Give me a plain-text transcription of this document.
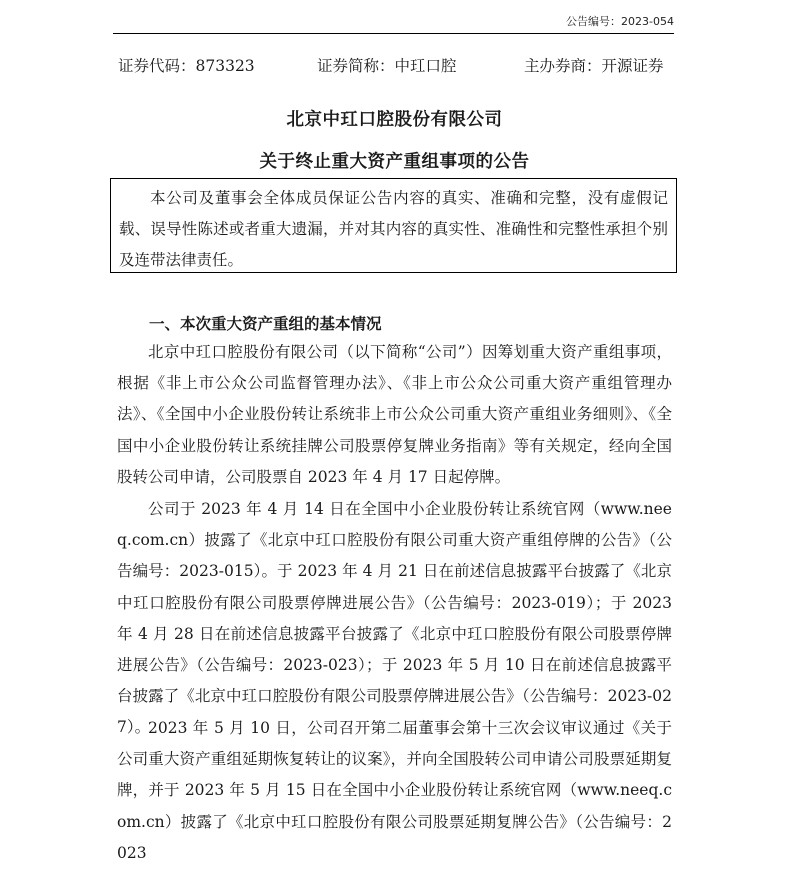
公告编号：2023-054
证券代码：873323	证券简称：中玒口腔	主办券商：开源证券
北京中玒口腔股份有限公司
关于终止重大资产重组事项的公告
本公司及董事会全体成员保证公告内容的真实、准确和完整，没有虚假记载、误导性陈述或者重大遗漏，并对其内容的真实性、准确性和完整性承担个别及连带法律责任。
一、本次重大资产重组的基本情况
北京中玒口腔股份有限公司（以下简称“公司”）因筹划重大资产重组事项，根据《非上市公众公司监督管理办法》、《非上市公众公司重大资产重组管理办法》、《全国中小企业股份转让系统非上市公众公司重大资产重组业务细则》、《全国中小企业股份转让系统挂牌公司股票停复牌业务指南》等有关规定，经向全国股转公司申请，公司股票自 2023 年 4 月 17 日起停牌。
公司于 2023 年 4 月 14 日在全国中小企业股份转让系统官网（www.neeq.com.cn）披露了《北京中玒口腔股份有限公司重大资产重组停牌的公告》（公告编号：2023-015）。于 2023 年 4 月 21 日在前述信息披露平台披露了《北京中玒口腔股份有限公司股票停牌进展公告》（公告编号：2023-019）；于 2023 年 4 月 28 日在前述信息披露平台披露了《北京中玒口腔股份有限公司股票停牌进展公告》（公告编号：2023-023）；于 2023 年 5 月 10 日在前述信息披露平台披露了《北京中玒口腔股份有限公司股票停牌进展公告》（公告编号：2023-027）。
2023 年 5 月 10 日，公司召开第二届董事会第十三次会议审议通过《关于公司重大资产重组延期恢复转让的议案》，并向全国股转公司申请公司股票延期复牌，并于 2023 年 5 月 15 日在全国中小企业股份转让系统官网（www.neeq.com.cn）披露了《北京中玒口腔股份有限公司股票延期复牌公告》（公告编号：2023
